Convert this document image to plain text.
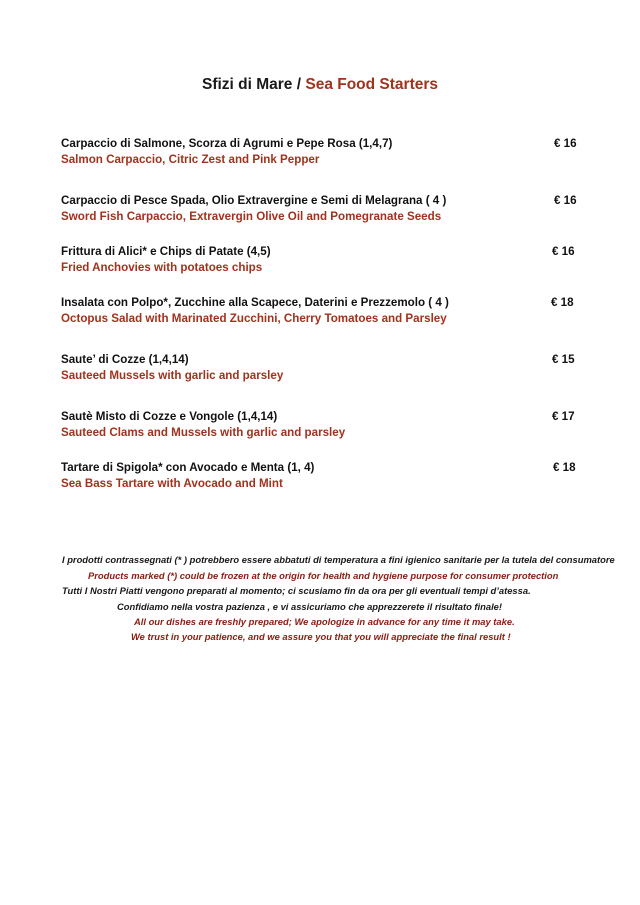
Sfizi di Mare / Sea Food Starters
Carpaccio di Salmone, Scorza di Agrumi e Pepe Rosa (1,4,7)
Salmon Carpaccio, Citric Zest and Pink Pepper
€ 16
Carpaccio di Pesce Spada, Olio Extravergine e Semi di Melagrana ( 4 )
Sword Fish Carpaccio, Extravergin Olive Oil and Pomegranate Seeds
€ 16
Frittura di Alici* e Chips di Patate (4,5)
Fried Anchovies with potatoes chips
€ 16
Insalata con Polpo*, Zucchine alla Scapece, Daterini e Prezzemolo ( 4 )
Octopus Salad with Marinated Zucchini, Cherry Tomatoes and Parsley
€ 18
Saute’ di Cozze (1,4,14)
Sauteed Mussels with garlic and parsley
€ 15
Sautè Misto di Cozze e Vongole (1,4,14)
Sauteed Clams and Mussels with garlic and parsley
€ 17
Tartare di Spigola* con Avocado e Menta (1, 4)
Sea Bass Tartare with Avocado and Mint
€ 18
I prodotti contrassegnati (* ) potrebbero essere abbatuti di temperatura a fini igienico sanitarie per la tutela del consumatore
Products marked (*) could be frozen at the origin for health and hygiene purpose for consumer protection
Tutti I Nostri Piatti vengono preparati al momento; ci scusiamo fin da ora per gli eventuali tempi d’atessa.
Confidiamo nella vostra pazienza , e vi assicuriamo che apprezzerete il risultato finale!
All our dishes are freshly prepared; We apologize in advance for any time it may take.
We trust in your patience, and we assure you that you will appreciate the final result !
